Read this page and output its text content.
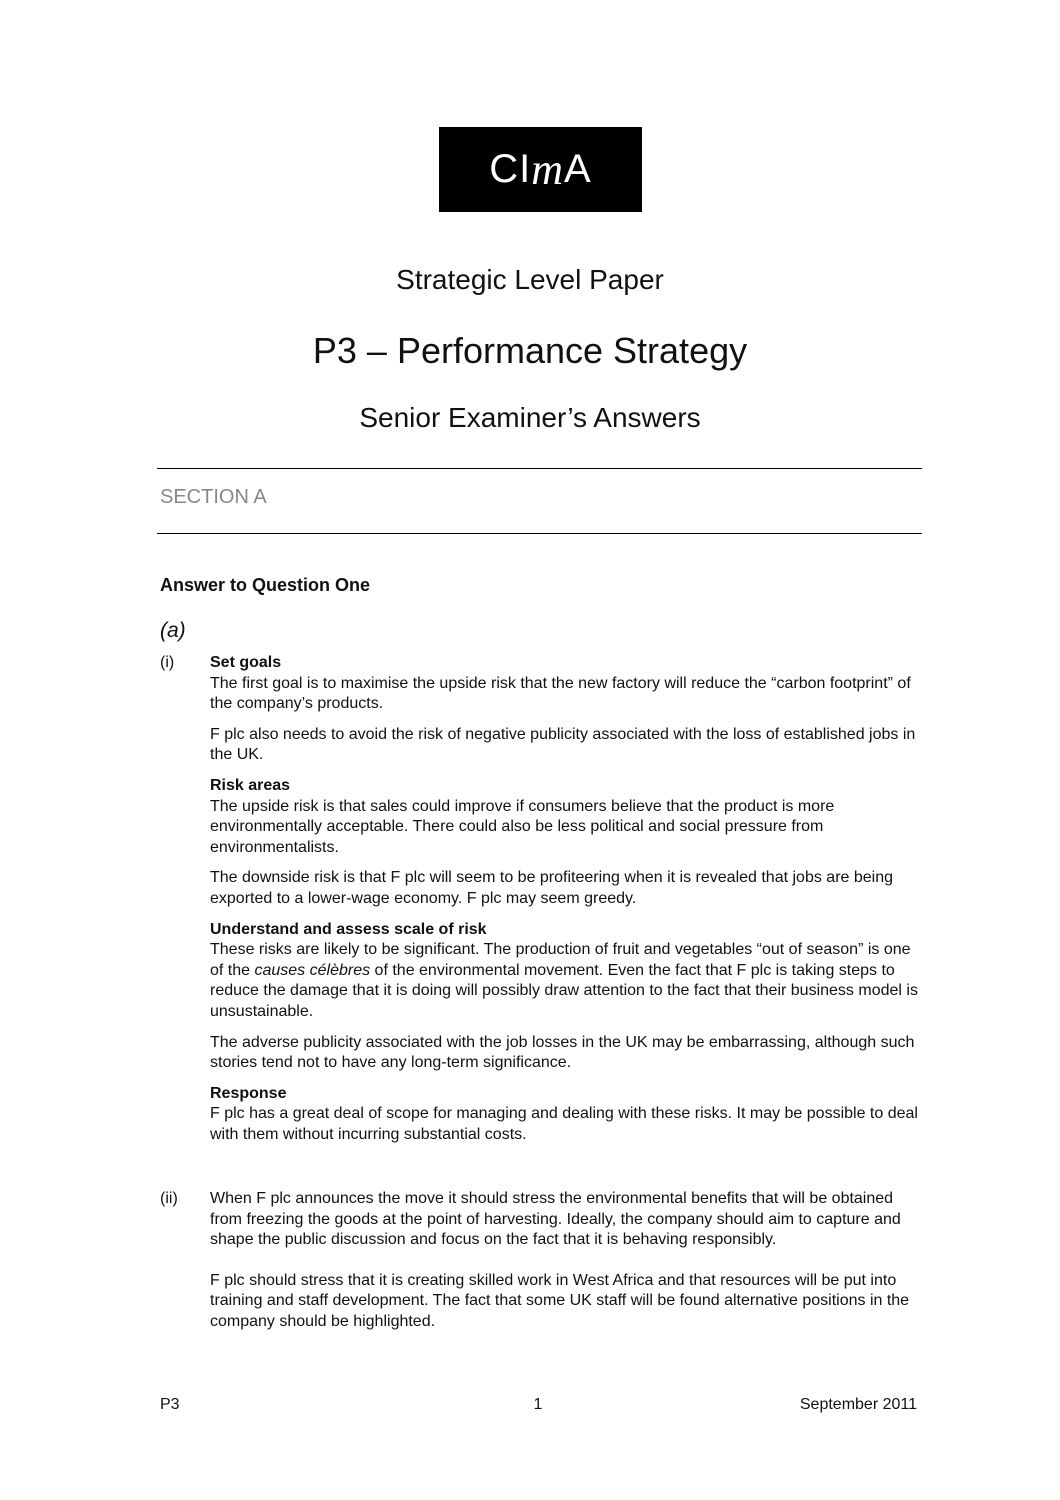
CI m A
Strategic Level Paper
P3 – Performance Strategy
Senior Examiner’s Answers
SECTION A
Answer to Question One
(a)
(i) Set goals

The first goal is to maximise the upside risk that the new factory will reduce the “carbon footprint” of the company’s products.

F plc also needs to avoid the risk of negative publicity associated with the loss of established jobs in the UK.

Risk areas

The upside risk is that sales could improve if consumers believe that the product is more environmentally acceptable. There could also be less political and social pressure from environmentalists.

The downside risk is that F plc will seem to be profiteering when it is revealed that jobs are being exported to a lower-wage economy. F plc may seem greedy.

Understand and assess scale of risk

These risks are likely to be significant. The production of fruit and vegetables “out of season” is one of the causes célèbres of the environmental movement. Even the fact that F plc is taking steps to reduce the damage that it is doing will possibly draw attention to the fact that their business model is unsustainable.

The adverse publicity associated with the job losses in the UK may be embarrassing, although such stories tend not to have any long-term significance.

Response

F plc has a great deal of scope for managing and dealing with these risks. It may be possible to deal with them without incurring substantial costs.

(ii) When F plc announces the move it should stress the environmental benefits that will be obtained from freezing the goods at the point of harvesting. Ideally, the company should aim to capture and shape the public discussion and focus on the fact that it is behaving responsibly.

F plc should stress that it is creating skilled work in West Africa and that resources will be put into training and staff development. The fact that some UK staff will be found alternative positions in the company should be highlighted.

P3	1	September 2011
